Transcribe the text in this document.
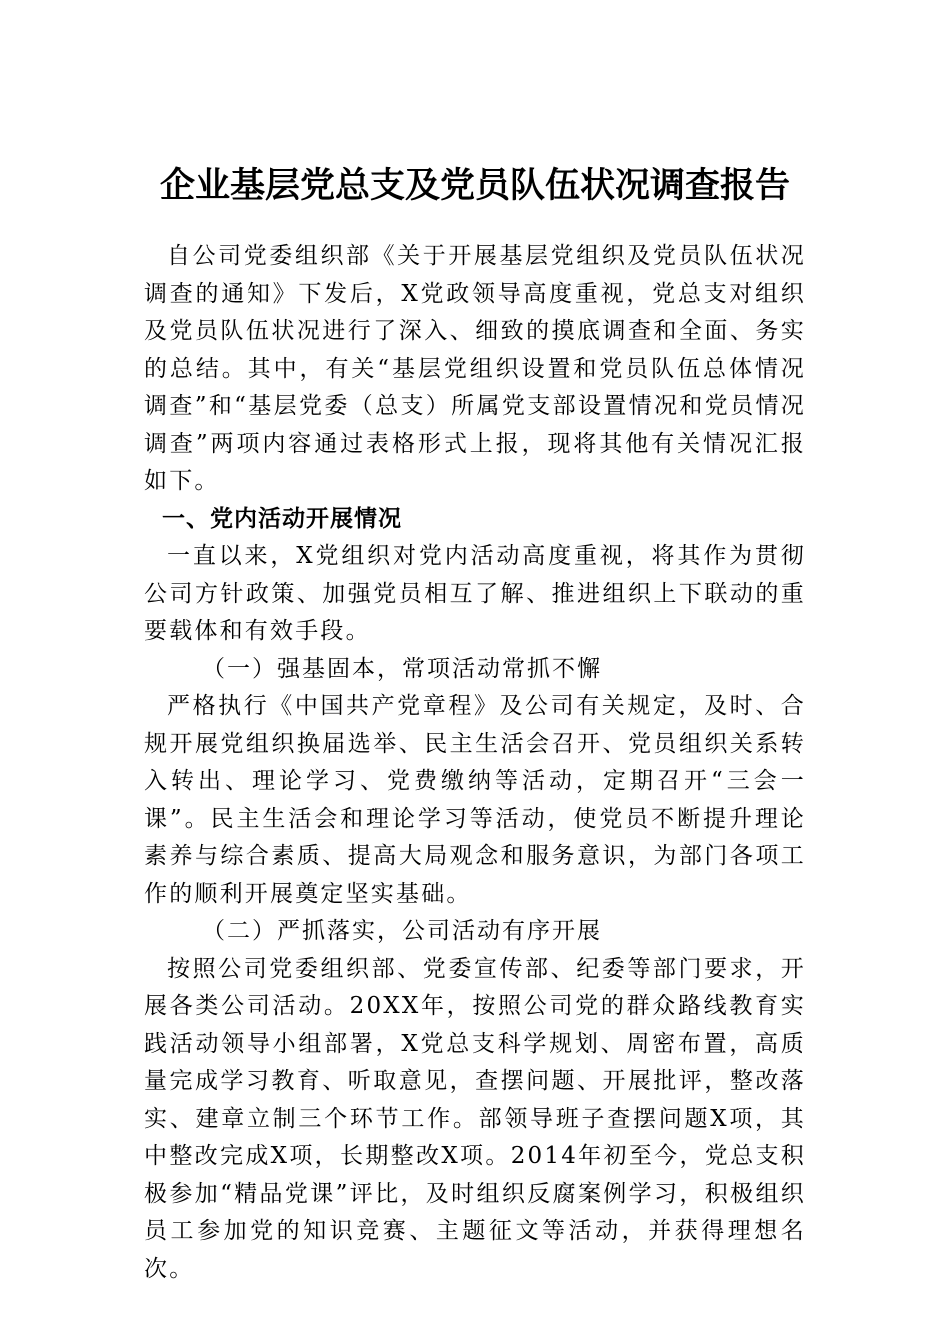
企业基层党总支及党员队伍状况调查报告

自公司党委组织部《关于开展基层党组织及党员队伍状况调查的通知》下发后，X党政领导高度重视，党总支对组织及党员队伍状况进行了深入、细致的摸底调查和全面、务实的总结。其中，有关“基层党组织设置和党员队伍总体情况调查”和“基层党委（总支）所属党支部设置情况和党员情况调查”两项内容通过表格形式上报，现将其他有关情况汇报如下。

一、党内活动开展情况

一直以来，X党组织对党内活动高度重视，将其作为贯彻公司方针政策、加强党员相互了解、推进组织上下联动的重要载体和有效手段。

（一）强基固本，常项活动常抓不懈

严格执行《中国共产党章程》及公司有关规定，及时、合规开展党组织换届选举、民主生活会召开、党员组织关系转入转出、理论学习、党费缴纳等活动，定期召开“三会一课”。民主生活会和理论学习等活动，使党员不断提升理论素养与综合素质、提高大局观念和服务意识，为部门各项工作的顺利开展奠定坚实基础。

（二）严抓落实，公司活动有序开展

按照公司党委组织部、党委宣传部、纪委等部门要求，开展各类公司活动。20XX年，按照公司党的群众路线教育实践活动领导小组部署，X党总支科学规划、周密布置，高质量完成学习教育、听取意见，查摆问题、开展批评，整改落实、建章立制三个环节工作。部领导班子查摆问题X项，其中整改完成X项，长期整改X项。2014年初至今，党总支积极参加“精品党课”评比，及时组织反腐案例学习，积极组织员工参加党的知识竞赛、主题征文等活动，并获得理想名次。
